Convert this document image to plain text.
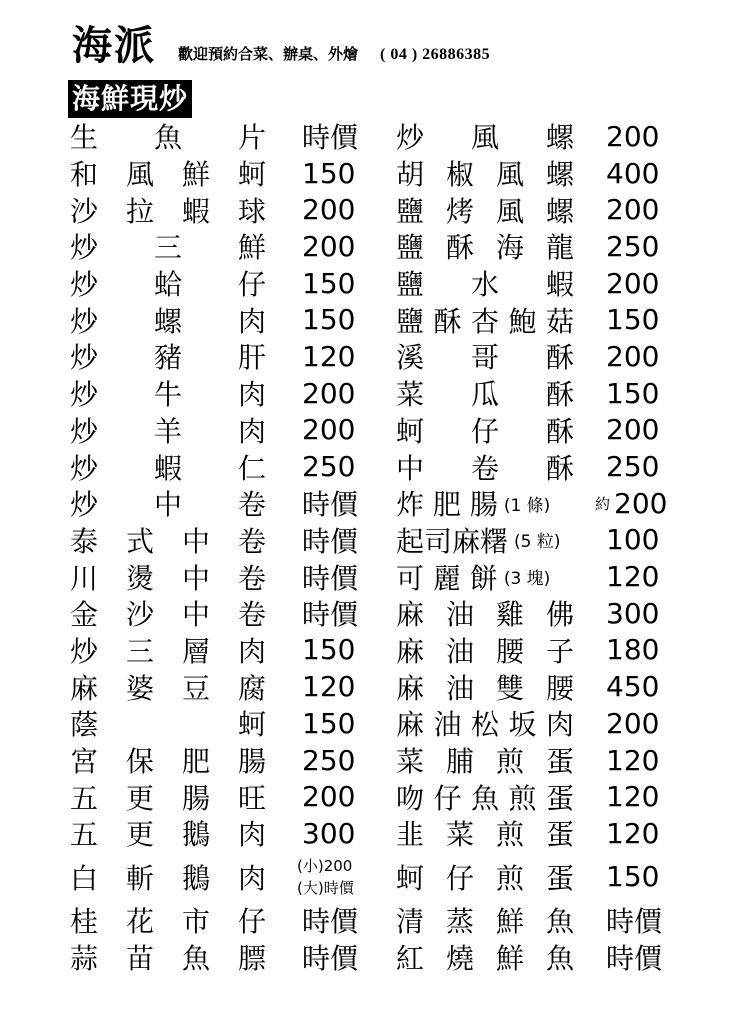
海派 歡迎預約合菜、辦桌、外燴 ( 04 ) 26886385
海鮮現炒
生 魚 片 時價 炒 風 螺 200
和 風 鮮 蚵 150 胡 椒 風 螺 400
沙 拉 蝦 球 200 鹽 烤 風 螺 200
炒 三 鮮 200 鹽 酥 海 龍 250
炒 蛤 仔 150 鹽 水 蝦 200
炒 螺 肉 150 鹽 酥 杏 鮑 菇 150
炒 豬 肝 120 溪 哥 酥 200
炒 牛 肉 200 菜 瓜 酥 150
炒 羊 肉 200 蚵 仔 酥 200
炒 蝦 仁 250 中 卷 酥 250
炒 中 卷 時價 炸 肥 腸 (1 條)	約 200
泰 式 中 卷 時價 起司麻糬 (5 粒) 100
川 燙 中 卷 時價 可 麗 餅 (3 塊) 120
金 沙 中 卷 時價 麻 油 雞 佛 300
炒 三 層 肉 150 麻 油 腰 子 180
麻 婆 豆 腐 120 麻 油 雙 腰 450
蔭	蚵 150 麻 油 松 坂 肉 200
宮 保 肥 腸 250 菜 脯 煎 蛋 120
五 更 腸 旺 200 吻 仔 魚 煎 蛋 120
五 更 鵝 肉 300 韭 菜 煎 蛋 120
白 斬 鵝 肉 (小)200
(大)時價 蚵 仔 煎 蛋 150
桂 花 市 仔 時價 清 蒸 鮮 魚 時價
蒜 苗 魚 膘 時價 紅 燒 鮮 魚 時價
